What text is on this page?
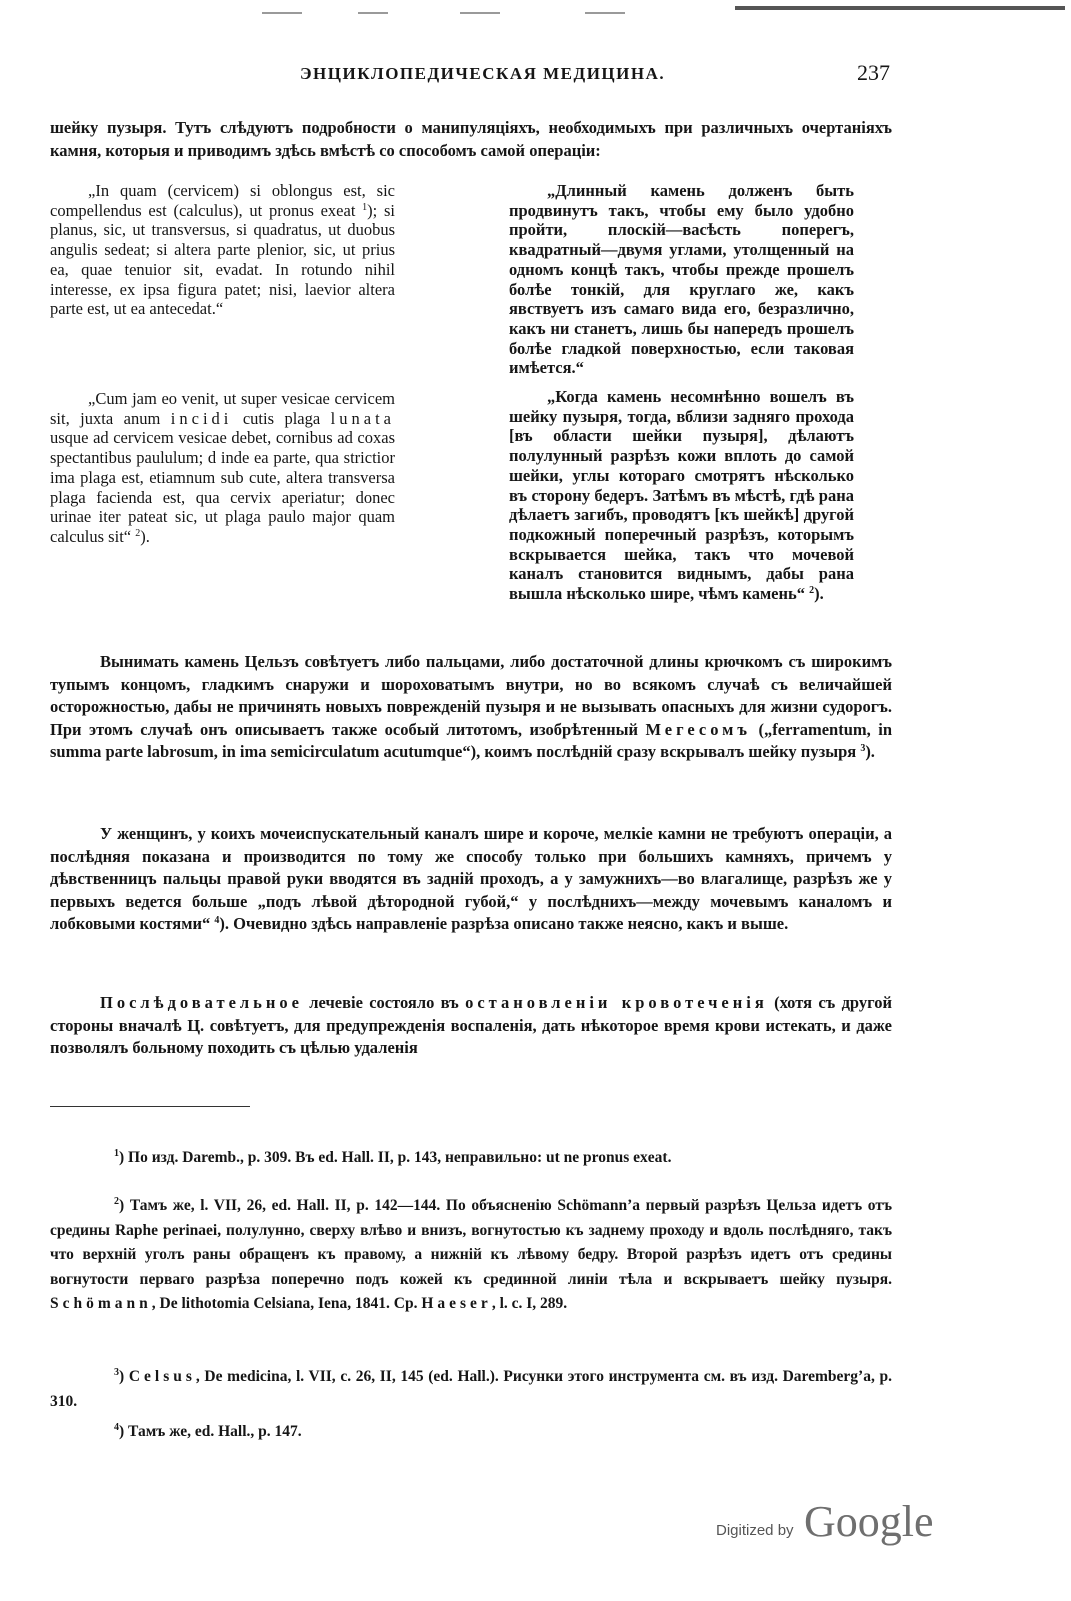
ЭНЦИКЛОПЕДИЧЕСКАЯ МЕДИЦИНА.	237

шейку пузыря. Тутъ слѣдуютъ подробности о манипуляціяхъ, необходимыхъ при различныхъ очертаніяхъ камня, которыя и приводимъ здѣсь вмѣстѣ со способомъ самой операціи:

„In quam (cervicem) si oblongus est, sic compellendus est (calculus), ut pronus exeat $^1$); si planus, sic, ut transversus, si quadratus, ut duobus angulis sedeat; si altera parte plenior, sic, ut prius ea, quae tenuior sit, evadat. In rotundo nihil interesse, ex ipsa figura patet; nisi, laevior altera parte est, ut ea antecedat.“

„Cum jam eo venit, ut super vesicae cervicem sit, juxta anum incidi cutis plaga lunata usque ad cervicem vesicae debet, cornibus ad coxas spectantibus paululum; d inde ea parte, qua strictior ima plaga est, etiamnum sub cute, altera transversa plaga facienda est, qua cervix aperiatur; donec urinae iter pateat sic, ut plaga paulo major quam calculus sit“ $^2$).

„Длинный камень долженъ быть продвинутъ такъ, чтобы ему было удобно пройти, плоскій—васѣсть поперегъ, квадратный—двумя углами, утолщенный на одномъ концѣ такъ, чтобы прежде прошелъ болѣе тонкій, для круглаго же, какъ явствуетъ изъ самаго вида его, безразлично, какъ ни станетъ, лишь бы напередъ прошелъ болѣе гладкой поверхностью, если таковая имѣется.“

„Когда камень несомнѣнно вошелъ въ шейку пузыря, тогда, вблизи задняго прохода [въ области шейки пузыря], дѣлаютъ полулунный разрѣзъ кожи вплоть до самой шейки, углы котораго смотрятъ нѣсколько въ сторону бедеръ. Затѣмъ въ мѣстѣ, гдѣ рана дѣлаетъ загибъ, проводятъ [къ шейкѣ] другой подкожный поперечный разрѣзъ, которымъ вскрывается шейка, такъ что мочевой каналъ становится виднымъ, дабы рана вышла нѣсколько шире, чѣмъ камень“ $^2$).

Вынимать камень Цельзъ совѣтуетъ либо пальцами, либо достаточной длины крючкомъ съ широкимъ тупымъ концомъ, гладкимъ снаружи и шороховатымъ внутри, но во всякомъ случаѣ съ величайшей осторожностью, дабы не причинять новыхъ поврежденій пузыря и не вызывать опасныхъ для жизни судорогъ. При этомъ случаѣ онъ описываетъ также особый литотомъ, изобрѣтенный Мегесомъ („ferramentum, in summa parte labrosum, in ima semicirculatum acutumque“), коимъ послѣдній сразу вскрывалъ шейку пузыря $^3$).

У женщинъ, у коихъ мочеиспускательный каналъ шире и короче, мелкіе камни не требуютъ операціи, а послѣдняя показана и производится по тому же способу только при большихъ камняхъ, причемъ у дѣвственницъ пальцы правой руки вводятся въ задній проходъ, а у замужнихъ—во влагалище, разрѣзъ же у первыхъ ведется больше „подъ лѣвой дѣтородной губой,“ у послѣднихъ—между мочевымъ каналомъ и лобковыми костями“ $^4$). Очевидно здѣсь направленіе разрѣза описано также неясно, какъ и выше.

Послѣдовательное лечевіе состояло въ остановленіи кровотеченія (хотя съ другой стороны вначалѣ Ц. совѣтуетъ, для предупрежденія воспаленія, дать нѣкоторое время крови истекать, и даже позволялъ больному походить съ цѣлью удаленія

$^1$) По изд. Daremb., p. 309. Въ ed. Hall. II, p. 143, неправильно: ut ne pronus exeat.

$^2$) Тамъ же, l. VII, 26, ed. Hall. II, p. 142—144. По объясненію Schömann’a первый разрѣзъ Цельза идетъ отъ средины Raphe perinaei, полулунно, сверху влѣво и внизъ, вогнутостью къ заднему проходу и вдоль послѣдняго, такъ что верхній уголъ раны обращенъ къ правому, а нижній къ лѣвому бедру. Второй разрѣзъ идетъ отъ средины вогнутости перваго разрѣза поперечно подъ кожей къ срединной линіи тѣла и вскрываетъ шейку пузыря. Schömann, De lithotomia Celsiana, Iena, 1841. Ср. Haeser, l. c. I, 289.

$^3$) Celsus, De medicina, l. VII, c. 26, II, 145 (ed. Hall.). Рисунки этого инструмента см. въ изд. Daremberg’a, p. 310.

$^4$) Тамъ же, ed. Hall., p. 147.

Digitized by Google
